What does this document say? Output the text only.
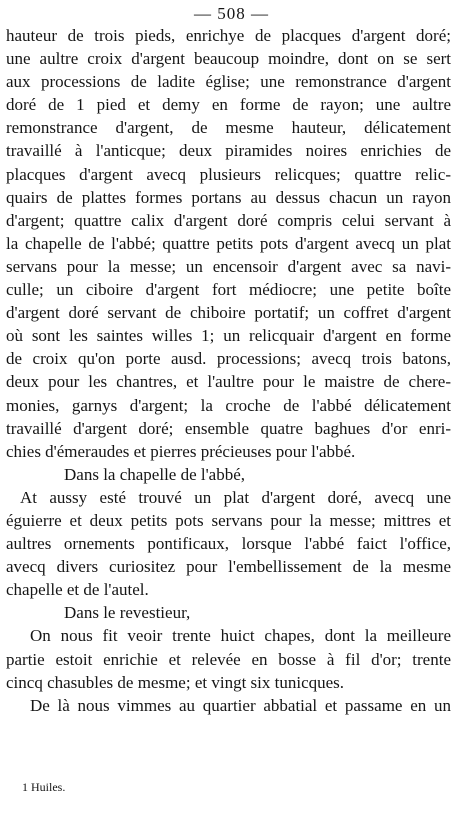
— 508 —
hauteur de trois pieds, enrichye de placques d'argent doré;
une aultre croix d'argent beaucoup moindre, dont on se sert
aux processions de ladite église; une remonstrance d'argent
doré de 1 pied et demy en forme de rayon; une aultre
remonstrance d'argent, de mesme hauteur, délicatement
travaillé à l'anticque; deux piramides noires enrichies de
placques d'argent avecq plusieurs relicques; quattre relic-
quairs de plattes formes portans au dessus chacun un rayon
d'argent; quattre calix d'argent doré compris celui servant à
la chapelle de l'abbé; quattre petits pots d'argent avecq un plat
servans pour la messe; un encensoir d'argent avec sa navi-
culle; un ciboire d'argent fort médiocre; une petite boîte
d'argent doré servant de chiboire portatif; un coffret d'argent
où sont les saintes willes 1; un relicquair d'argent en forme
de croix qu'on porte ausd. processions; avecq trois batons,
deux pour les chantres, et l'aultre pour le maistre de chere-
monies, garnys d'argent; la croche de l'abbé délicatement
travaillé d'argent doré; ensemble quatre baghues d'or enri-
chies d'émeraudes et pierres précieuses pour l'abbé.
Dans la chapelle de l'abbé,
At aussy esté trouvé un plat d'argent doré, avecq une
éguierre et deux petits pots servans pour la messe; mittres et
aultres ornements pontificaux, lorsque l'abbé faict l'office,
avecq divers curiositez pour l'embellissement de la mesme
chapelle et de l'autel.
Dans le revestieur,
On nous fit veoir trente huict chapes, dont la meilleure
partie estoit enrichie et relevée en bosse à fil d'or; trente
cincq chasubles de mesme; et vingt six tunicques.
De là nous vimmes au quartier abbatial et passame en un
1 Huiles.
